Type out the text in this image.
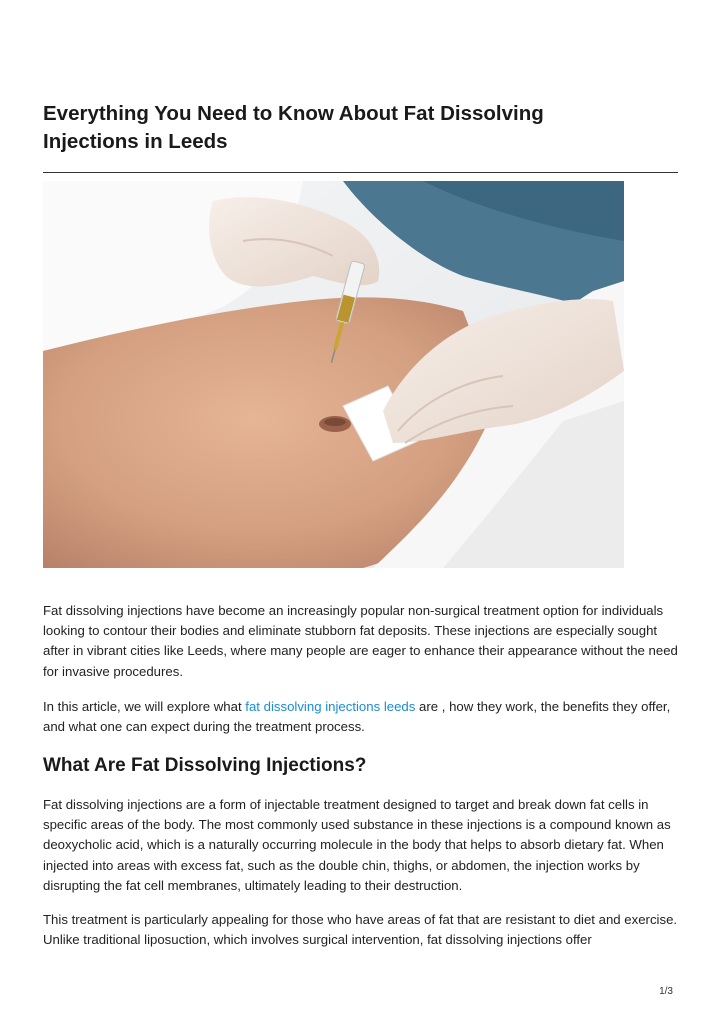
Everything You Need to Know About Fat Dissolving Injections in Leeds

Fat dissolving injections have become an increasingly popular non-surgical treatment option for individuals looking to contour their bodies and eliminate stubborn fat deposits. These injections are especially sought after in vibrant cities like Leeds, where many people are eager to enhance their appearance without the need for invasive procedures.

In this article, we will explore what fat dissolving injections leeds are , how they work, the benefits they offer, and what one can expect during the treatment process.

What Are Fat Dissolving Injections?

Fat dissolving injections are a form of injectable treatment designed to target and break down fat cells in specific areas of the body. The most commonly used substance in these injections is a compound known as deoxycholic acid, which is a naturally occurring molecule in the body that helps to absorb dietary fat. When injected into areas with excess fat, such as the double chin, thighs, or abdomen, the injection works by disrupting the fat cell membranes, ultimately leading to their destruction.

This treatment is particularly appealing for those who have areas of fat that are resistant to diet and exercise. Unlike traditional liposuction, which involves surgical intervention, fat dissolving injections offer

1/3
